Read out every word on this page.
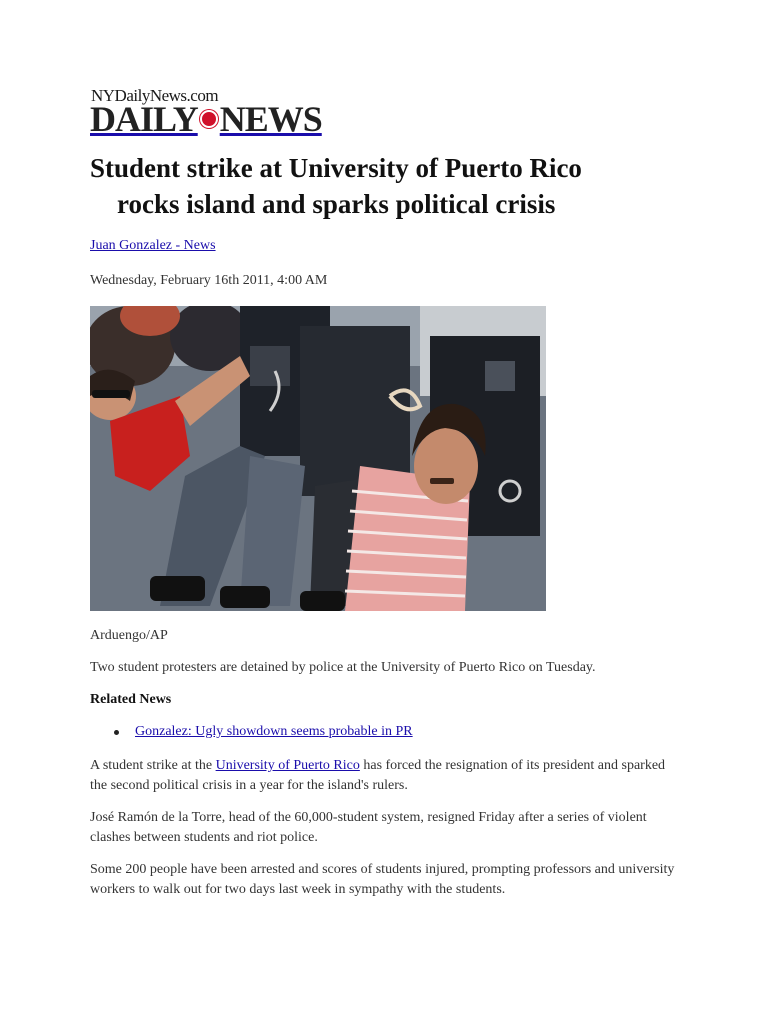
NYDailyNews.com
DAILY NEWS
Student strike at University of Puerto Rico
rocks island and sparks political crisis
Juan Gonzalez - News
Wednesday, February 16th 2011, 4:00 AM
Arduengo/AP
Two student protesters are detained by police at the University of Puerto Rico on Tuesday.
Related News
Gonzalez: Ugly showdown seems probable in PR

A student strike at the University of Puerto Rico has forced the resignation of its president and sparked the second political crisis in a year for the island's rulers.

José Ramón de la Torre, head of the 60,000-student system, resigned Friday after a series of violent clashes between students and riot police.

Some 200 people have been arrested and scores of students injured, prompting professors and university workers to walk out for two days last week in sympathy with the students.
